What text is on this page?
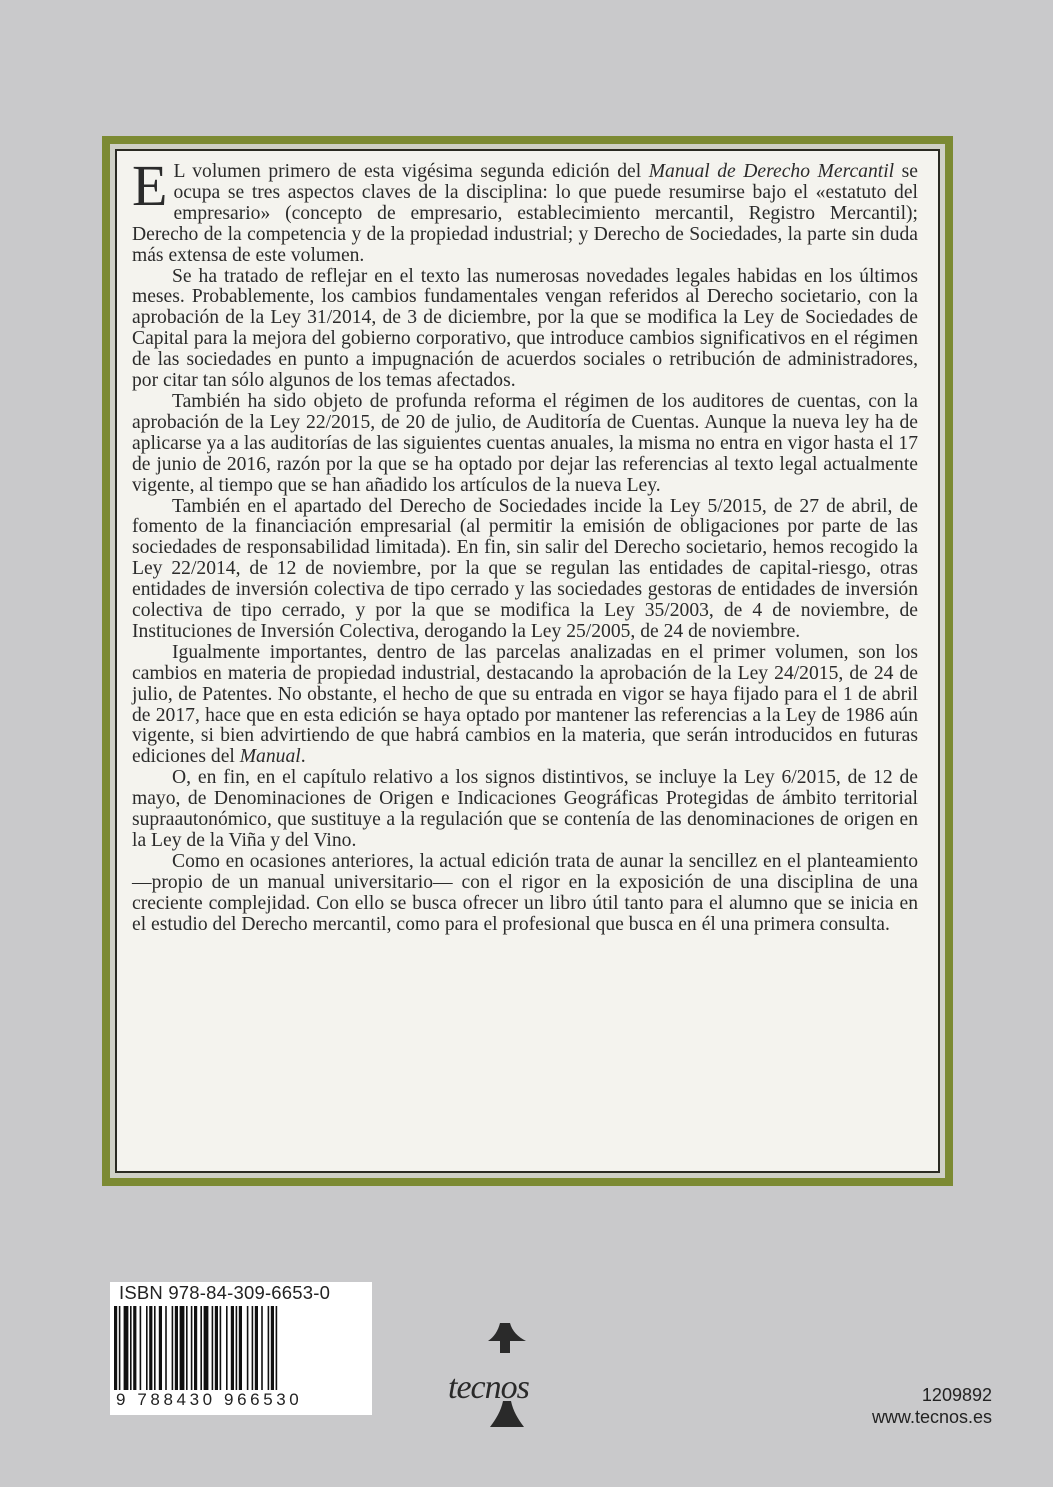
E L volumen primero de esta vigésima segunda edición del Manual de Derecho Mercantil se ocupa se tres aspectos claves de la disciplina: lo que puede resumirse bajo el «estatuto del empresario» (concepto de empresario, establecimiento mercantil, Registro Mercantil); Derecho de la competencia y de la propiedad industrial; y Derecho de Sociedades, la parte sin duda más extensa de este volumen.

Se ha tratado de reflejar en el texto las numerosas novedades legales habidas en los últimos meses. Probablemente, los cambios fundamentales vengan referidos al Derecho societario, con la aprobación de la Ley 31/2014, de 3 de diciembre, por la que se modifica la Ley de Sociedades de Capital para la mejora del gobierno corporativo, que introduce cambios significativos en el régimen de las sociedades en punto a impugnación de acuerdos sociales o retribución de administradores, por citar tan sólo algunos de los temas afectados.

También ha sido objeto de profunda reforma el régimen de los auditores de cuentas, con la aprobación de la Ley 22/2015, de 20 de julio, de Auditoría de Cuentas. Aunque la nueva ley ha de aplicarse ya a las auditorías de las siguientes cuentas anuales, la misma no entra en vigor hasta el 17 de junio de 2016, razón por la que se ha optado por dejar las referencias al texto legal actualmente vigente, al tiempo que se han añadido los artículos de la nueva Ley.

También en el apartado del Derecho de Sociedades incide la Ley 5/2015, de 27 de abril, de fomento de la financiación empresarial (al permitir la emisión de obligaciones por parte de las sociedades de responsabilidad limitada). En fin, sin salir del Derecho societario, hemos recogido la Ley 22/2014, de 12 de noviembre, por la que se regulan las entidades de capital-riesgo, otras entidades de inversión colectiva de tipo cerrado y las sociedades gestoras de entidades de inversión colectiva de tipo cerrado, y por la que se modifica la Ley 35/2003, de 4 de noviembre, de Instituciones de Inversión Colectiva, derogando la Ley 25/2005, de 24 de noviembre.

Igualmente importantes, dentro de las parcelas analizadas en el primer volumen, son los cambios en materia de propiedad industrial, destacando la aprobación de la Ley 24/2015, de 24 de julio, de Patentes. No obstante, el hecho de que su entrada en vigor se haya fijado para el 1 de abril de 2017, hace que en esta edición se haya optado por mantener las referencias a la Ley de 1986 aún vigente, si bien advirtiendo de que habrá cambios en la materia, que serán introducidos en futuras ediciones del Manual.

O, en fin, en el capítulo relativo a los signos distintivos, se incluye la Ley 6/2015, de 12 de mayo, de Denominaciones de Origen e Indicaciones Geográficas Protegidas de ámbito territorial supraautonómico, que sustituye a la regulación que se contenía de las denominaciones de origen en la Ley de la Viña y del Vino.

Como en ocasiones anteriores, la actual edición trata de aunar la sencillez en el planteamiento —propio de un manual universitario— con el rigor en la exposición de una disciplina de una creciente complejidad. Con ello se busca ofrecer un libro útil tanto para el alumno que se inicia en el estudio del Derecho mercantil, como para el profesional que busca en él una primera consulta.

ISBN 978-84-309-6653-0
9 788430 966530	tecnos	1209892
www.tecnos.es
